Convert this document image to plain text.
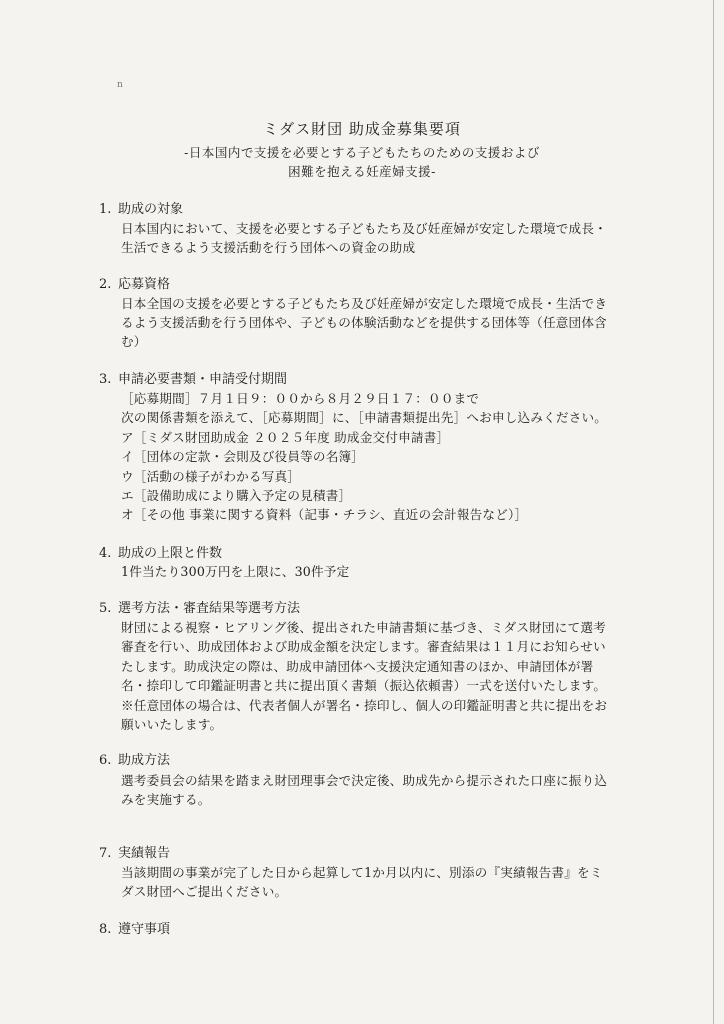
ո
ミダス財団 助成金募集要項
-日本国内で支援を必要とする子どもたちのための支援および
困難を抱える妊産婦支援-
1. 助成の対象
日本国内において、支援を必要とする子どもたち及び妊産婦が安定した環境で成長・
生活できるよう支援活動を行う団体への資金の助成
2. 応募資格
日本全国の支援を必要とする子どもたち及び妊産婦が安定した環境で成長・生活でき
るよう支援活動を行う団体や、子どもの体験活動などを提供する団体等（任意団体含
む）
3. 申請必要書類・申請受付期間
［応募期間］７月１日９：００から８月２９日１７：００まで
次の関係書類を添えて、［応募期間］に、［申請書類提出先］へお申し込みください。
ア［ミダス財団助成金 ２０２５年度 助成金交付申請書］
イ［団体の定款・会則及び役員等の名簿］
ウ［活動の様子がわかる写真］
エ［設備助成により購入予定の見積書］
オ［その他 事業に関する資料（記事・チラシ、直近の会計報告など）］
4. 助成の上限と件数
1件当たり300万円を上限に、30件予定
5. 選考方法・審査結果等選考方法
財団による視察・ヒアリング後、提出された申請書類に基づき、ミダス財団にて選考
審査を行い、助成団体および助成金額を決定します。審査結果は１１月にお知らせい
たします。助成決定の際は、助成申請団体へ支援決定通知書のほか、申請団体が署
名・捺印して印鑑証明書と共に提出頂く書類（振込依頼書）一式を送付いたします。
※任意団体の場合は、代表者個人が署名・捺印し、個人の印鑑証明書と共に提出をお
願いいたします。
6. 助成方法
選考委員会の結果を踏まえ財団理事会で決定後、助成先から提示された口座に振り込
みを実施する。
7. 実績報告
当該期間の事業が完了した日から起算して1か月以内に、別添の『実績報告書』をミ
ダス財団へご提出ください。
8. 遵守事項
